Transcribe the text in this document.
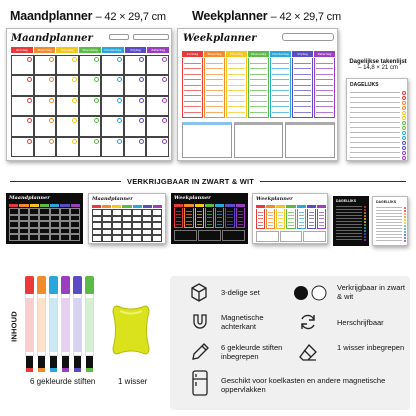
Maandplanner – 42 × 29,7 cm Weekplanner – 42 × 29,7 cm
Maandplanner
Zondag	Maandag	Dinsdag	Woensdag	Donderdag	Vrijdag	Zaterdag
Weekplanner
Zondag	Maandag	Dinsdag	Woensdag	Donderdag	Vrijdag	Zaterdag
Dagelijkse takenlijst
– 14,8 × 21 cm
DAGELIJKS
VERKRIJGBAAR IN ZWART & WIT
Maandplanner	Maandplanner	Weekplanner	Weekplanner	DAGELIJKS	DAGELIJKS
INHOUD
6 gekleurde stiften	1 wisser
3-delige set
Verkrijgbaar in zwart & wit
Magnetische achterkant	Herschrijfbaar
6 gekleurde stiften inbegrepen
1 wisser inbegrepen
Geschikt voor koelkasten en andere magnetische oppervlakken
